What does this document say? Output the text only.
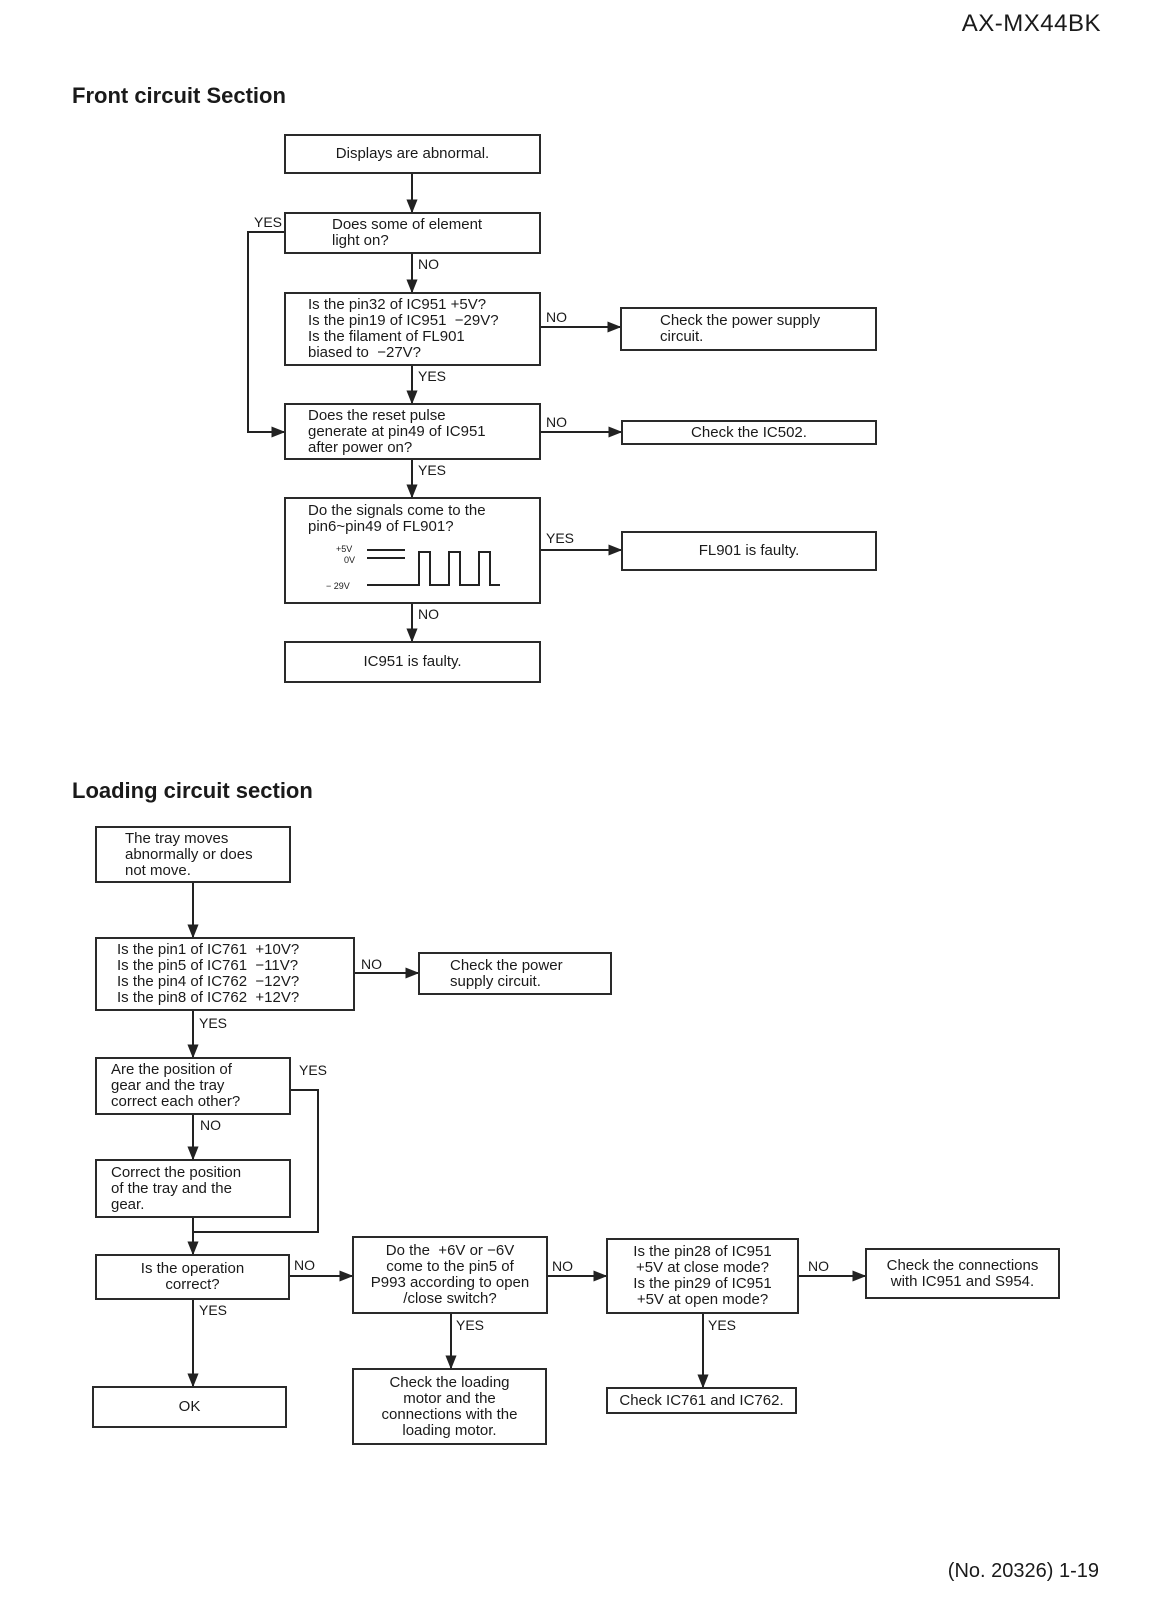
AX-MX44BK
Front circuit Section
Loading circuit section
(No. 20326) 1-19
Displays are abnormal.
Does some of element
light on?
Is the pin32 of IC951 +5V?
Is the pin19 of IC951  −29V?
Is the filament of FL901
biased to  −27V?
Check the power supply
circuit.
Does the reset pulse
generate at pin49 of IC951
after power on?
Check the IC502.
Do the signals come to the
pin6~pin49 of FL901?
FL901 is faulty.
IC951 is faulty.
+5V
0V
− 29V
YES
NO
NO
YES
NO
YES
YES
NO
The tray moves
abnormally or does
not move.
Is the pin1 of IC761  +10V?
Is the pin5 of IC761  −11V?
Is the pin4 of IC762  −12V?
Is the pin8 of IC762  +12V?
Check the power
supply circuit.
Are the position of
gear and the tray
correct each other?
Correct the position
of the tray and the
gear.
Is the operation
correct?
OK
Do the  +6V or −6V
come to the pin5 of
P993 according to open
/close switch?
Check the loading
motor and the
connections with the
loading motor.
Is the pin28 of IC951
+5V at close mode?
Is the pin29 of IC951
+5V at open mode?
Check IC761 and IC762.
Check the connections
with IC951 and S954.
NO
YES
YES
NO
NO
YES
NO
YES
NO
YES
